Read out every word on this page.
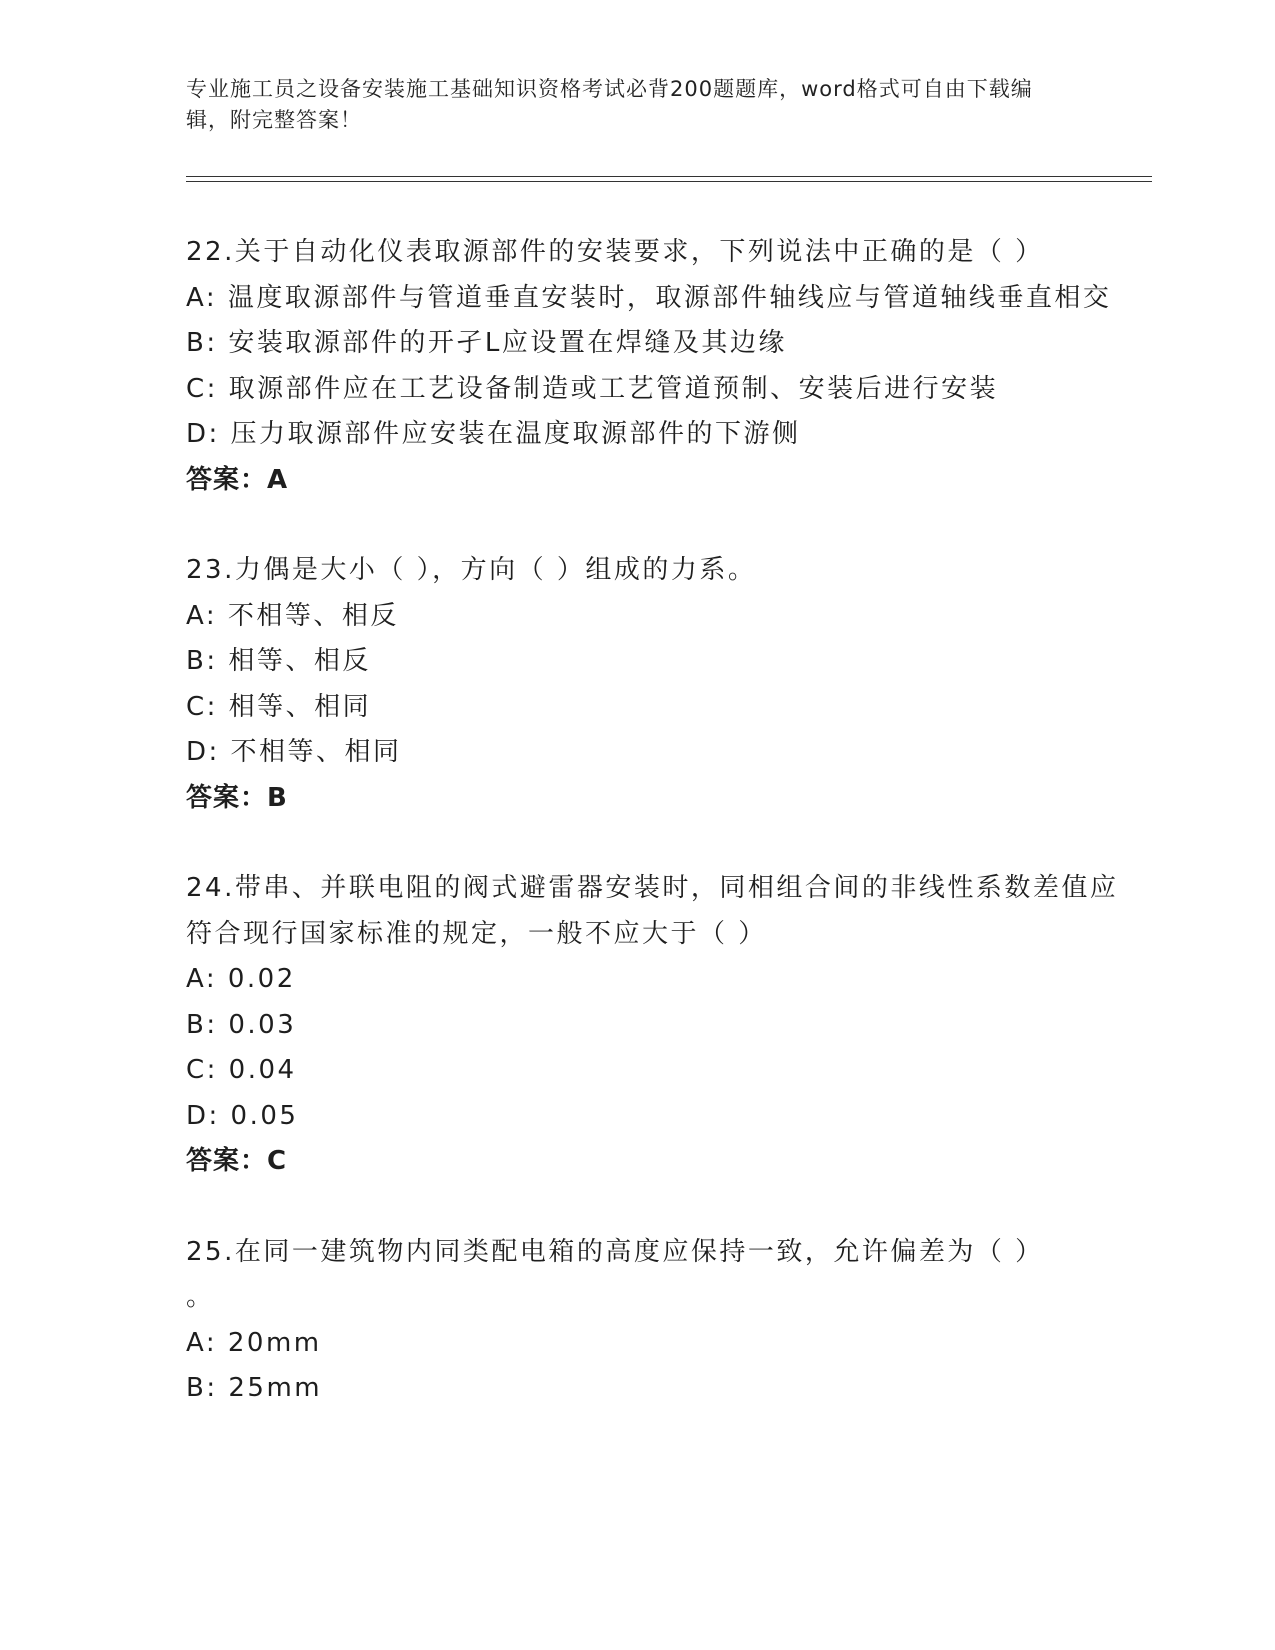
专业施工员之设备安装施工基础知识资格考试必背200题题库，word格式可自由下载编辑，附完整答案！
22.关于自动化仪表取源部件的安装要求，下列说法中正确的是（ ）
A: 温度取源部件与管道垂直安装时，取源部件轴线应与管道轴线垂直相交
B: 安装取源部件的开孑L应设置在焊缝及其边缘
C: 取源部件应在工艺设备制造或工艺管道预制、安装后进行安装
D: 压力取源部件应安装在温度取源部件的下游侧
答案：A
23.力偶是大小（ ），方向（ ）组成的力系。
A: 不相等、相反
B: 相等、相反
C: 相等、相同
D: 不相等、相同
答案：B
24.带串、并联电阻的阀式避雷器安装时，同相组合间的非线性系数差值应符合现行国家标准的规定，一般不应大于（ ）
A: 0.02
B: 0.03
C: 0.04
D: 0.05
答案：C
25.在同一建筑物内同类配电箱的高度应保持一致，允许偏差为（ ）
。
A: 20mm
B: 25mm
